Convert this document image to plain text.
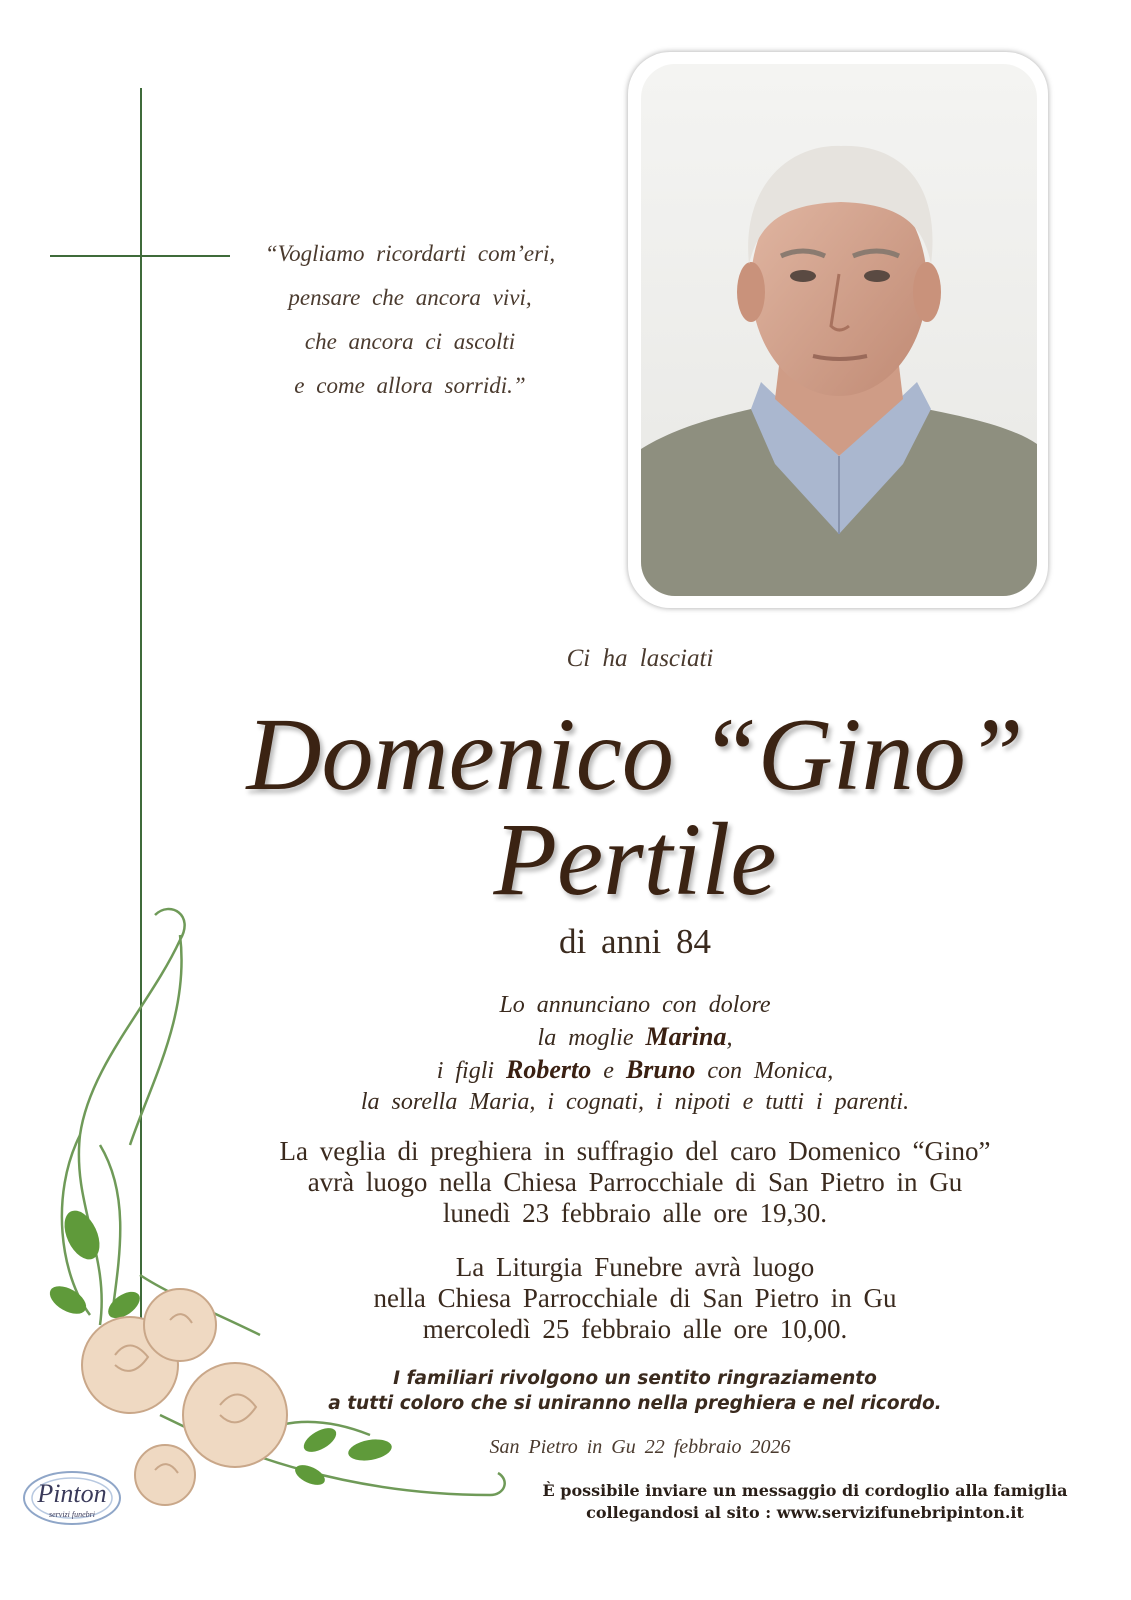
“Vogliamo ricordarti com’eri,
pensare che ancora vivi,
che ancora ci ascolti
e come allora sorridi.”
Ci ha lasciati
Domenico “Gino”
Pertile
di anni 84
Lo annunciano con dolore
la moglie Marina,
i figli Roberto e Bruno con Monica,
la sorella Maria, i cognati, i nipoti e tutti i parenti.
La veglia di preghiera in suffragio del caro Domenico “Gino”
avrà luogo nella Chiesa Parrocchiale di San Pietro in Gu
lunedì 23 febbraio alle ore 19,30.
La Liturgia Funebre avrà luogo
nella Chiesa Parrocchiale di San Pietro in Gu
mercoledì 25 febbraio alle ore 10,00.
I familiari rivolgono un sentito ringraziamento
a tutti coloro che si uniranno nella preghiera e nel ricordo.
San Pietro in Gu 22 febbraio 2026
È possibile inviare un messaggio di cordoglio alla famiglia
collegandosi al sito : www.servizifunebripinton.it
Pinton
servizi funebri
